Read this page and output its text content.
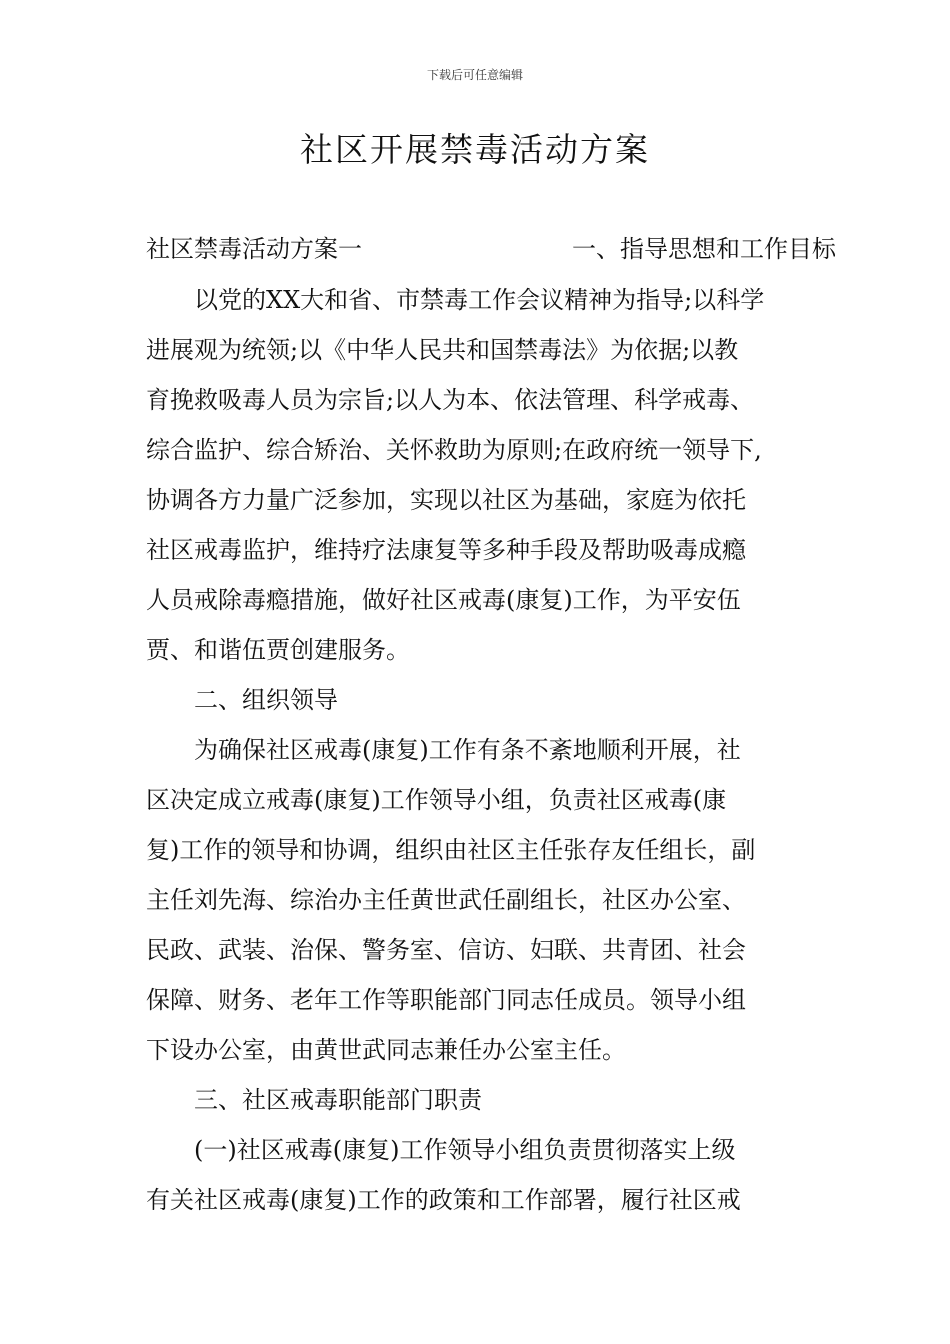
下载后可任意编辑
社区开展禁毒活动方案
社区禁毒活动方案一	一、指导思想和工作目标
　　以党的XX大和省、市禁毒工作会议精神为指导;以科学
进展观为统领;以《中华人民共和国禁毒法》为依据;以教
育挽救吸毒人员为宗旨;以人为本、依法管理、科学戒毒、
综合监护、综合矫治、关怀救助为原则;在政府统一领导下,
协调各方力量广泛参加，实现以社区为基础，家庭为依托
社区戒毒监护，维持疗法康复等多种手段及帮助吸毒成瘾
人员戒除毒瘾措施，做好社区戒毒(康复)工作，为平安伍
贾、和谐伍贾创建服务。
　　二、组织领导
　　为确保社区戒毒(康复)工作有条不紊地顺利开展，社
区决定成立戒毒(康复)工作领导小组，负责社区戒毒(康
复)工作的领导和协调，组织由社区主任张存友任组长，副
主任刘先海、综治办主任黄世武任副组长，社区办公室、
民政、武装、治保、警务室、信访、妇联、共青团、社会
保障、财务、老年工作等职能部门同志任成员。领导小组
下设办公室，由黄世武同志兼任办公室主任。
　　三、社区戒毒职能部门职责
　　(一)社区戒毒(康复)工作领导小组负责贯彻落实上级
有关社区戒毒(康复)工作的政策和工作部署，履行社区戒
